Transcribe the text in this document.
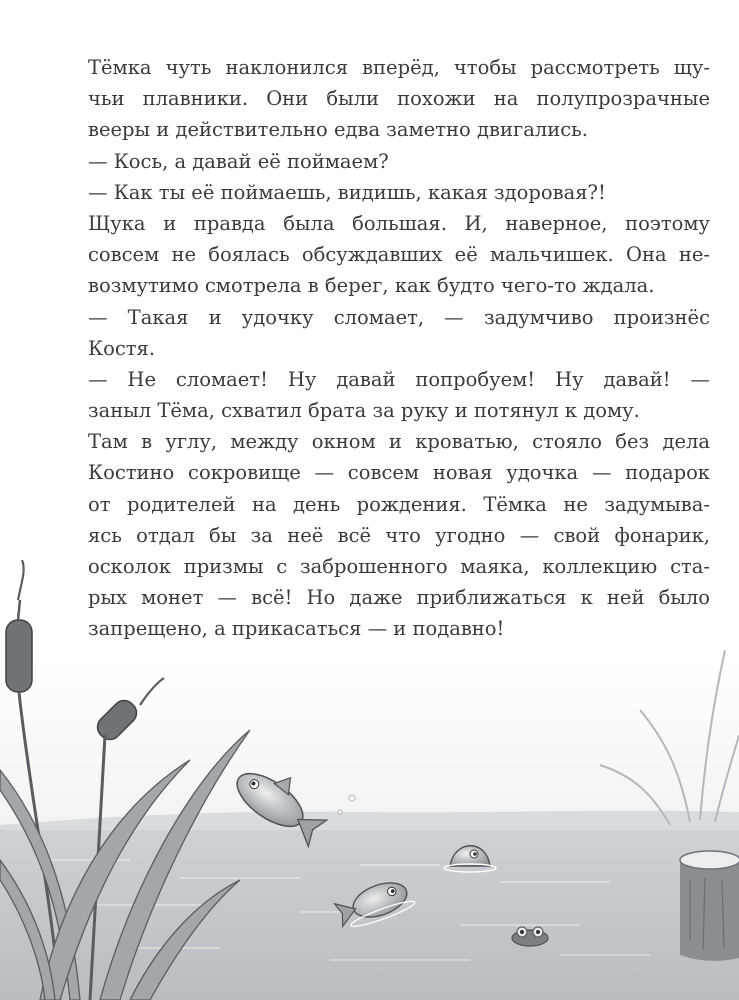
Тёмка чуть наклонился вперёд, чтобы рассмотреть щу-
чьи плавники. Они были похожи на полупрозрачные
вееры и действительно едва заметно двигались.
— Кось, а давай её поймаем?
— Как ты её поймаешь, видишь, какая здоровая?!
Щука и правда была большая. И, наверное, поэтому
совсем не боялась обсуждавших её мальчишек. Она не-
возмутимо смотрела в берег, как будто чего-то ждала.
— Такая и удочку сломает, — задумчиво произнёс
Костя.
— Не сломает! Ну давай попробуем! Ну давай! —
заныл Тёма, схватил брата за руку и потянул к дому.
Там в углу, между окном и кроватью, стояло без дела
Костино сокровище — совсем новая удочка — подарок
от родителей на день рождения. Тёмка не задумыва-
ясь отдал бы за неё всё что угодно — свой фонарик,
осколок призмы с заброшенного маяка, коллекцию ста-
рых монет — всё! Но даже приближаться к ней было
запрещено, а прикасаться — и подавно!
